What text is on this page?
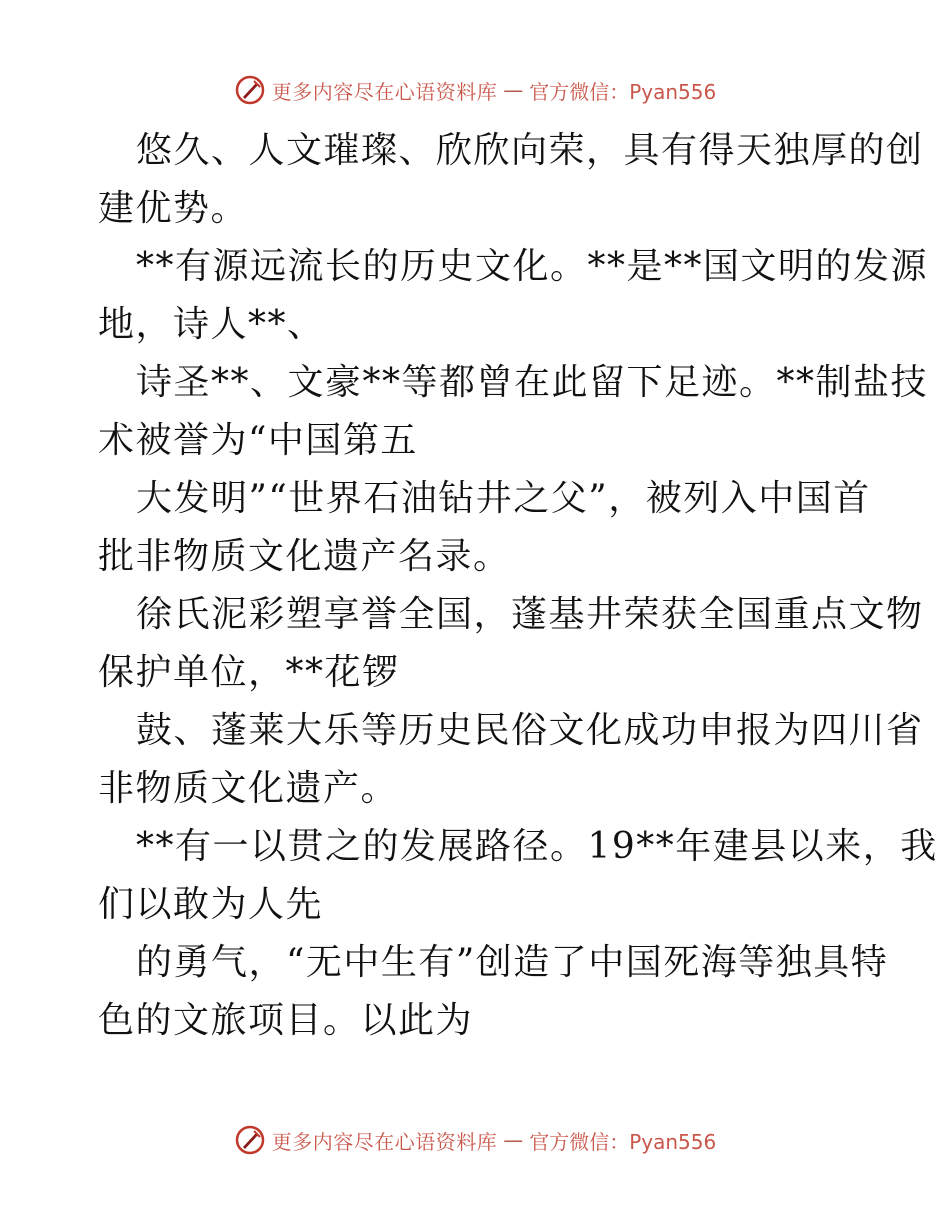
更多内容尽在心语资料库 — 官方微信：Pyan556
悠久、人文璀璨、欣欣向荣，具有得天独厚的创
建优势。
**有源远流长的历史文化。**是**国文明的发源
地，诗人**、
诗圣**、文豪**等都曾在此留下足迹。**制盐技
术被誉为“中国第五
大发明”“世界石油钻井之父”，被列入中国首
批非物质文化遗产名录。
徐氏泥彩塑享誉全国，蓬基井荣获全国重点文物
保护单位，**花锣
鼓、蓬莱大乐等历史民俗文化成功申报为四川省
非物质文化遗产。
**有一以贯之的发展路径。19**年建县以来，我
们以敢为人先
的勇气，“无中生有”创造了中国死海等独具特
色的文旅项目。以此为
更多内容尽在心语资料库 — 官方微信：Pyan556
